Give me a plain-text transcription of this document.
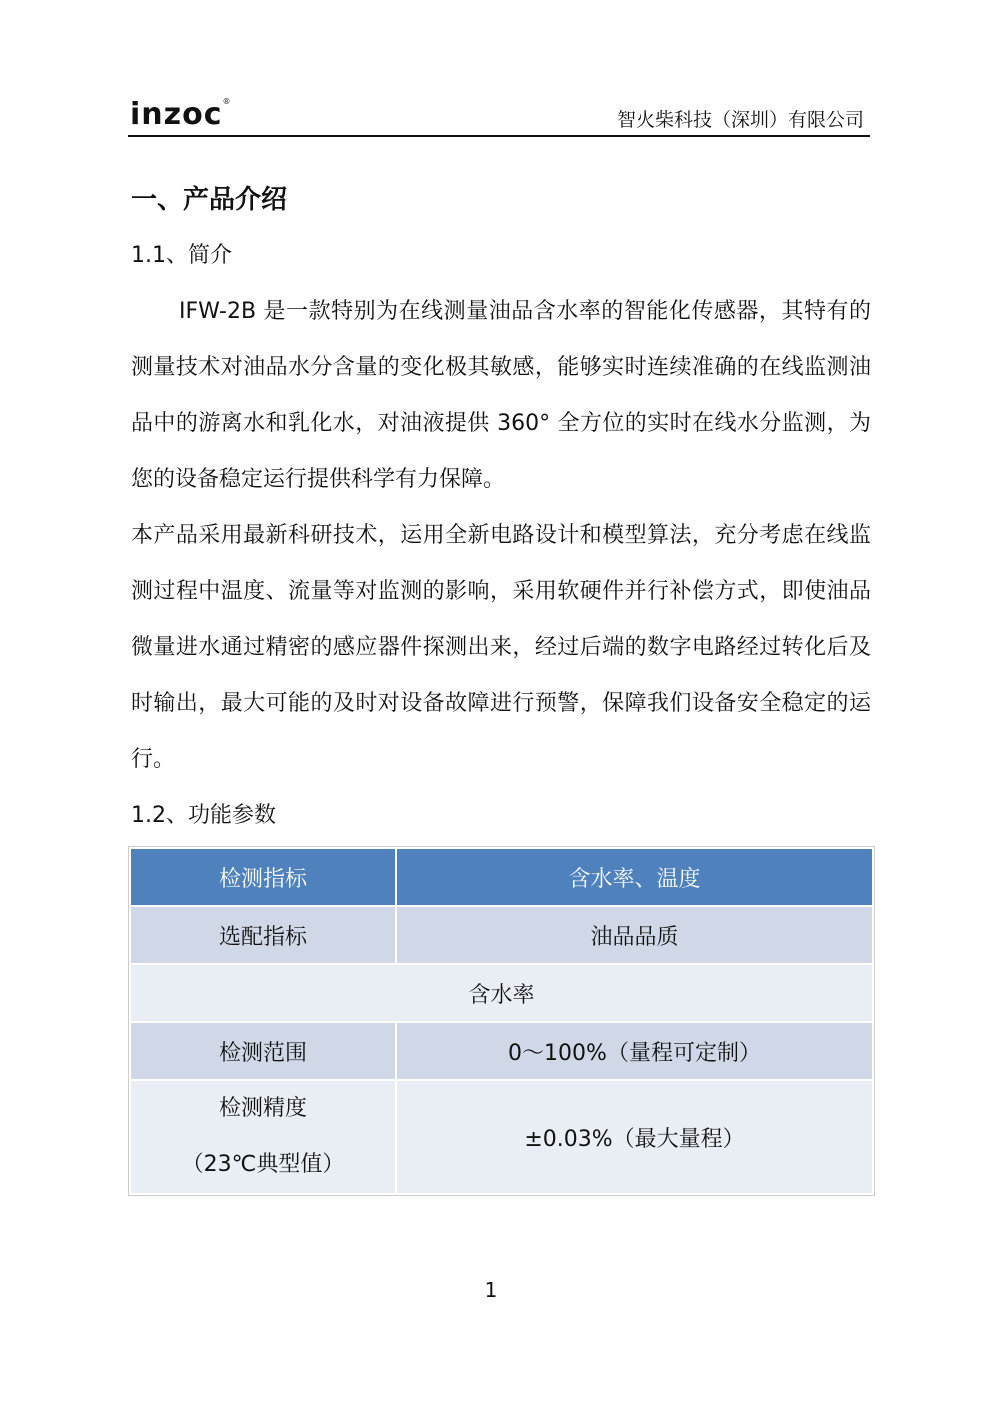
inzoc®
智火柴科技（深圳）有限公司
一、产品介绍
1.1、简介
IFW-2B 是一款特别为在线测量油品含水率的智能化传感器，其特有的测量技术对油品水分含量的变化极其敏感，能够实时连续准确的在线监测油品中的游离水和乳化水，对油液提供 360° 全方位的实时在线水分监测，为您的设备稳定运行提供科学有力保障。
本产品采用最新科研技术，运用全新电路设计和模型算法，充分考虑在线监测过程中温度、流量等对监测的影响，采用软硬件并行补偿方式，即使油品微量进水通过精密的感应器件探测出来，经过后端的数字电路经过转化后及时输出，最大可能的及时对设备故障进行预警，保障我们设备安全稳定的运行。
1.2、功能参数
检测指标	含水率、温度
选配指标	油品品质
含水率	
检测范围	0～100%（量程可定制）

检测精度
（23℃典型值）	±0.03%（最大量程）
1
